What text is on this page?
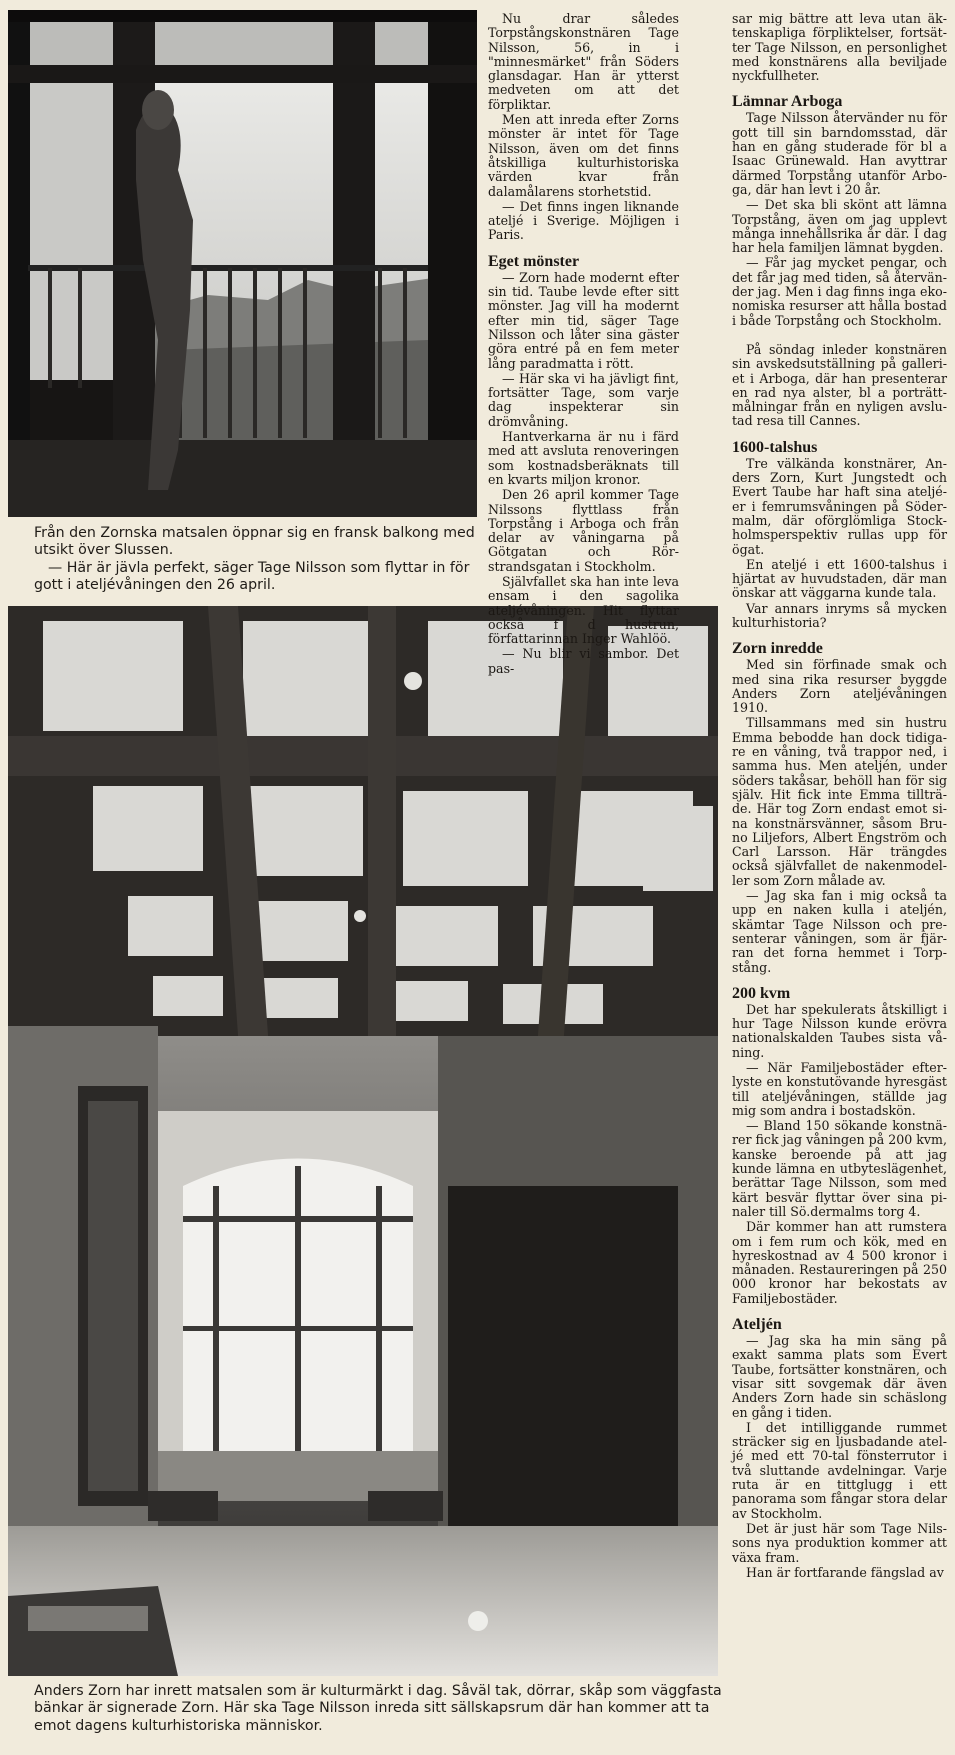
Från den Zornska matsalen öppnar sig en fransk balkong med utsikt över Slussen.

— Här är jävla perfekt, säger Tage Nilsson som flyttar in för gott i ateljévåningen den 26 april.

Anders Zorn har inrett matsalen som är kulturmärkt i dag. Såväl tak, dörrar, skåp som väggfasta bänkar är signerade Zorn. Här ska Tage Nilsson inreda sitt sällskapsrum där han kommer att ta emot dagens kulturhistoriska människor.

Nu drar således Torpstångskonstnären Tage Nilsson, 56, in i "minnesmärket" från Söders glansdagar. Han är ytterst medveten om att det förpliktar.

Men att inreda efter Zorns mönster är intet för Tage Nilsson, även om det finns åtskilliga kulturhistoriska värden kvar från dalamålarens storhetstid.

— Det finns ingen liknande ateljé i Sverige. Möjligen i Paris.

Eget mönster

— Zorn hade modernt efter sin tid. Taube levde efter sitt mönster. Jag vill ha modernt efter min tid, säger Tage Nilsson och låter sina gäster göra entré på en fem meter lång paradmatta i rött.

— Här ska vi ha jävligt fint, fortsätter Tage, som varje dag inspekterar sin drömvåning.

Hantverkarna är nu i färd med att avsluta renoveringen som kostnadsberäknats till en kvarts miljon kronor.

Den 26 april kommer Tage Nilssons flyttlass från Torpstång i Arboga och från delar av våningarna på Götgatan och Rörstrandsgatan i Stockholm.

Självfallet ska han inte leva ensam i den sagolika ateljévåningen. Hit flyttar också f d hustrun, författarinnan Inger Wahlöö.

— Nu blir vi sambor. Det pas-

sar mig bättre att leva utan äktenskapliga förpliktelser, fortsätter Tage Nilsson, en personlighet med konstnärens alla beviljade nyckfullheter.

Lämnar Arboga

Tage Nilsson återvänder nu för gott till sin barndomsstad, där han en gång studerade för bl a Isaac Grünewald. Han avyttrar därmed Torpstång utanför Arboga, där han levt i 20 år.

— Det ska bli skönt att lämna Torpstång, även om jag upplevt många innehållsrika år där. I dag har hela familjen lämnat bygden.

— Får jag mycket pengar, och det får jag med tiden, så återvänder jag. Men i dag finns inga ekonomiska resurser att hålla bostad i både Torpstång och Stockholm.

På söndag inleder konstnären sin avskedsutställning på galleriet i Arboga, där han presenterar en rad nya alster, bl a porträttmålningar från en nyligen avslutad resa till Cannes.

1600-talshus

Tre välkända konstnärer, Anders Zorn, Kurt Jungstedt och Evert Taube har haft sina ateljéer i femrumsvåningen på Södermalm, där oförglömliga Stockholmsperspektiv rullas upp för ögat.

En ateljé i ett 1600-talshus i hjärtat av huvudstaden, där man önskar att väggarna kunde tala.

Var annars inryms så mycken kulturhistoria?

Zorn inredde

Med sin förfinade smak och med sina rika resurser byggde Anders Zorn ateljévåningen 1910.

Tillsammans med sin hustru Emma bebodde han dock tidigare en våning, två trappor ned, i samma hus. Men ateljén, under söders takåsar, behöll han för sig själv. Hit fick inte Emma tillträde. Här tog Zorn endast emot sina konstnärsvänner, såsom Bruno Liljefors, Albert Engström och Carl Larsson. Här trängdes också självfallet de nakenmodeller som Zorn målade av.

— Jag ska fan i mig också ta upp en naken kulla i ateljén, skämtar Tage Nilsson och presenterar våningen, som är fjärran det forna hemmet i Torpstång.

200 kvm

Det har spekulerats åtskilligt i hur Tage Nilsson kunde erövra nationalskalden Taubes sista våning.

— När Familjebostäder efterlyste en konstutövande hyresgäst till ateljévåningen, ställde jag mig som andra i bostadskön.

— Bland 150 sökande konstnärer fick jag våningen på 200 kvm, kanske beroende på att jag kunde lämna en utbyteslägenhet, berättar Tage Nilsson, som med kärt besvär flyttar över sina pinaler till Sö.dermalms torg 4.

Där kommer han att rumstera om i fem rum och kök, med en hyreskostnad av 4 500 kronor i månaden. Restaureringen på 250 000 kronor har bekostats av Familjebostäder.

Ateljén

— Jag ska ha min säng på exakt samma plats som Evert Taube, fortsätter konstnären, och visar sitt sovgemak där även Anders Zorn hade sin schäslong en gång i tiden.

I det intilliggande rummet sträcker sig en ljusbadande ateljé med ett 70-tal fönsterrutor i två sluttande avdelningar. Varje ruta är en tittglugg i ett panorama som fångar stora delar av Stockholm.

Det är just här som Tage Nilssons nya produktion kommer att växa fram.

Han är fortfarande fängslad av
